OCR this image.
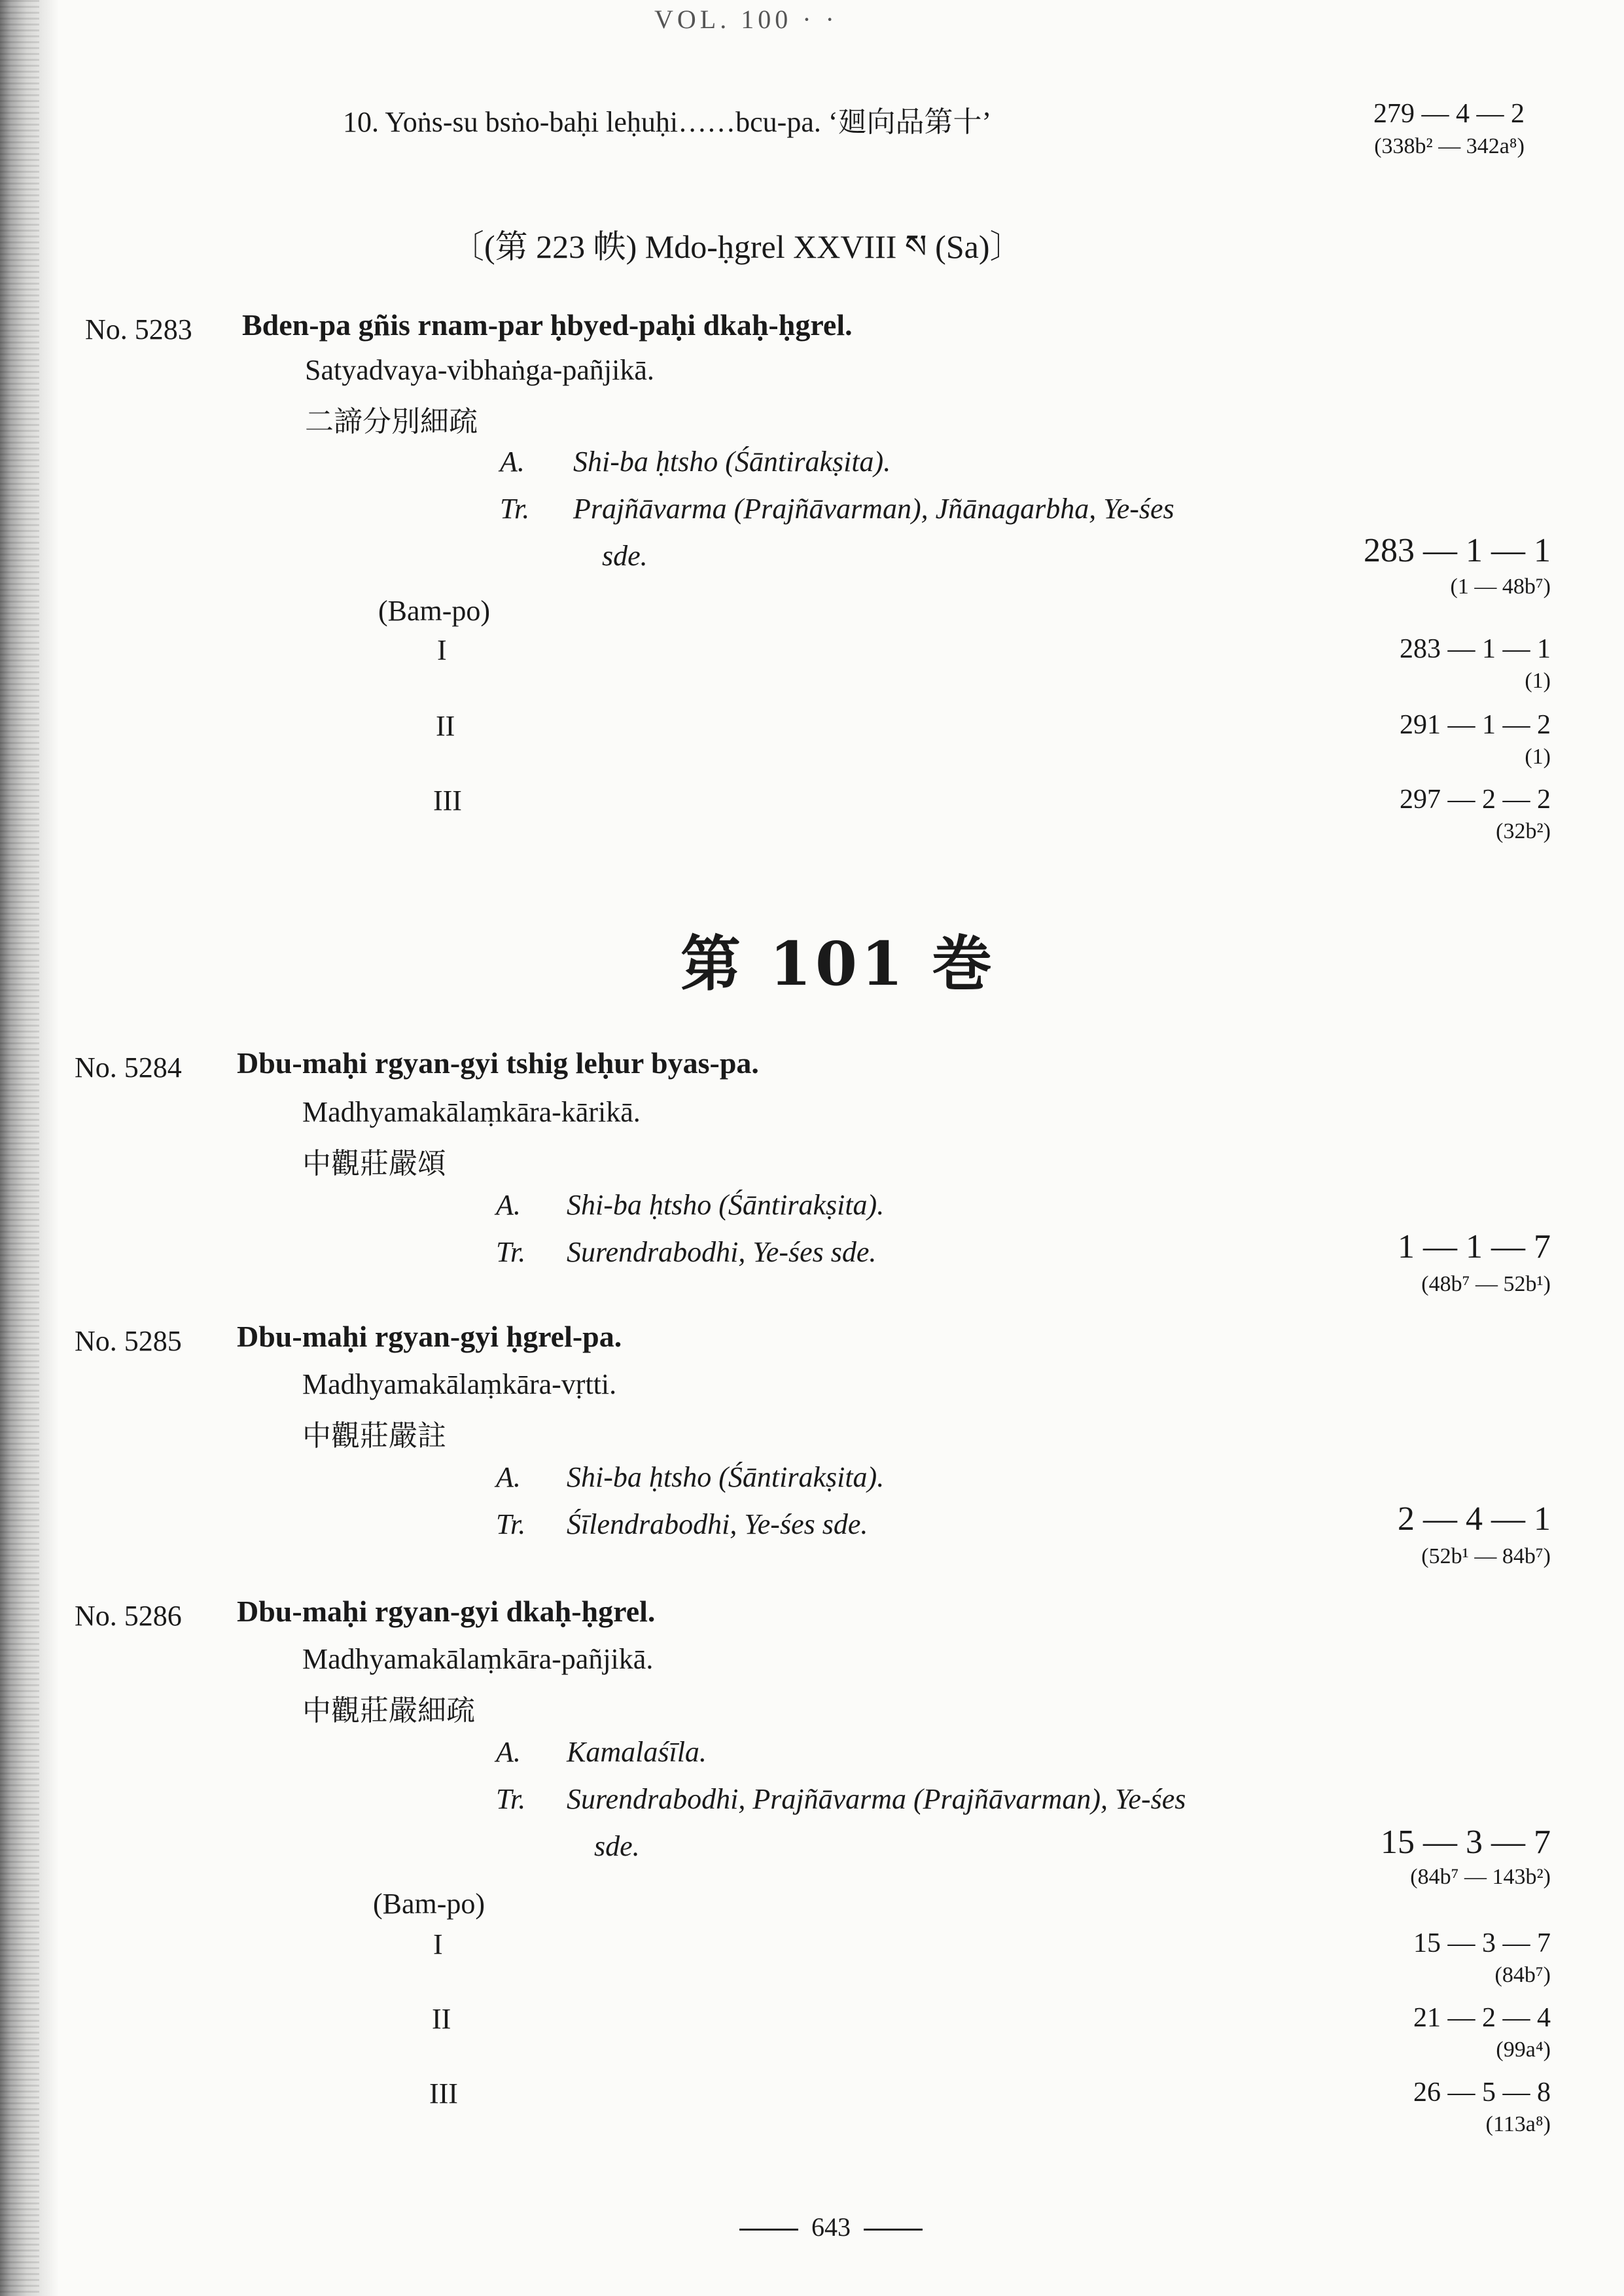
VOL. 100 · ·
10. Yoṅs-su bsṅo-baḥi leḥuḥi……bcu-pa. ‘廻向品第十’	279 — 4 — 2
(338b² — 342a⁸)
〔(第 223 帙) Mdo-ḥgrel XXVIII ས (Sa)〕
No. 5283 Bden-pa gñis rnam-par ḥbyed-paḥi dkaḥ-ḥgrel.
Satyadvaya-vibhaṅga-pañjikā.
二諦分別細疏
A. Shi-ba ḥtsho (Śāntirakṣita).
Tr. Prajñāvarma (Prajñāvarman), Jñānagarbha, Ye-śes
sde.	283 — 1 — 1
(1 — 48b⁷)
(Bam-po)
I	283 — 1 — 1
(1)
II	291 — 1 — 2
(1)
III	297 — 2 — 2
(32b²)
第 101 巻
No. 5284 Dbu-maḥi rgyan-gyi tshig leḥur byas-pa.
Madhyamakālaṃkāra-kārikā.
中觀莊嚴頌
A. Shi-ba ḥtsho (Śāntirakṣita).
Tr. Surendrabodhi, Ye-śes sde.	1 — 1 — 7
(48b⁷ — 52b¹)
No. 5285 Dbu-maḥi rgyan-gyi ḥgrel-pa.
Madhyamakālaṃkāra-vṛtti.
中觀莊嚴註
A. Shi-ba ḥtsho (Śāntirakṣita).
Tr. Śīlendrabodhi, Ye-śes sde.	2 — 4 — 1
(52b¹ — 84b⁷)
No. 5286 Dbu-maḥi rgyan-gyi dkaḥ-ḥgrel.
Madhyamakālaṃkāra-pañjikā.
中觀莊嚴細疏
A. Kamalaśīla.
Tr. Surendrabodhi, Prajñāvarma (Prajñāvarman), Ye-śes
sde.	15 — 3 — 7
(84b⁷ — 143b²)
(Bam-po)
I	15 — 3 — 7
(84b⁷)
II	21 — 2 — 4
(99a⁴)
III	26 — 5 — 8
(113a⁸)
643
